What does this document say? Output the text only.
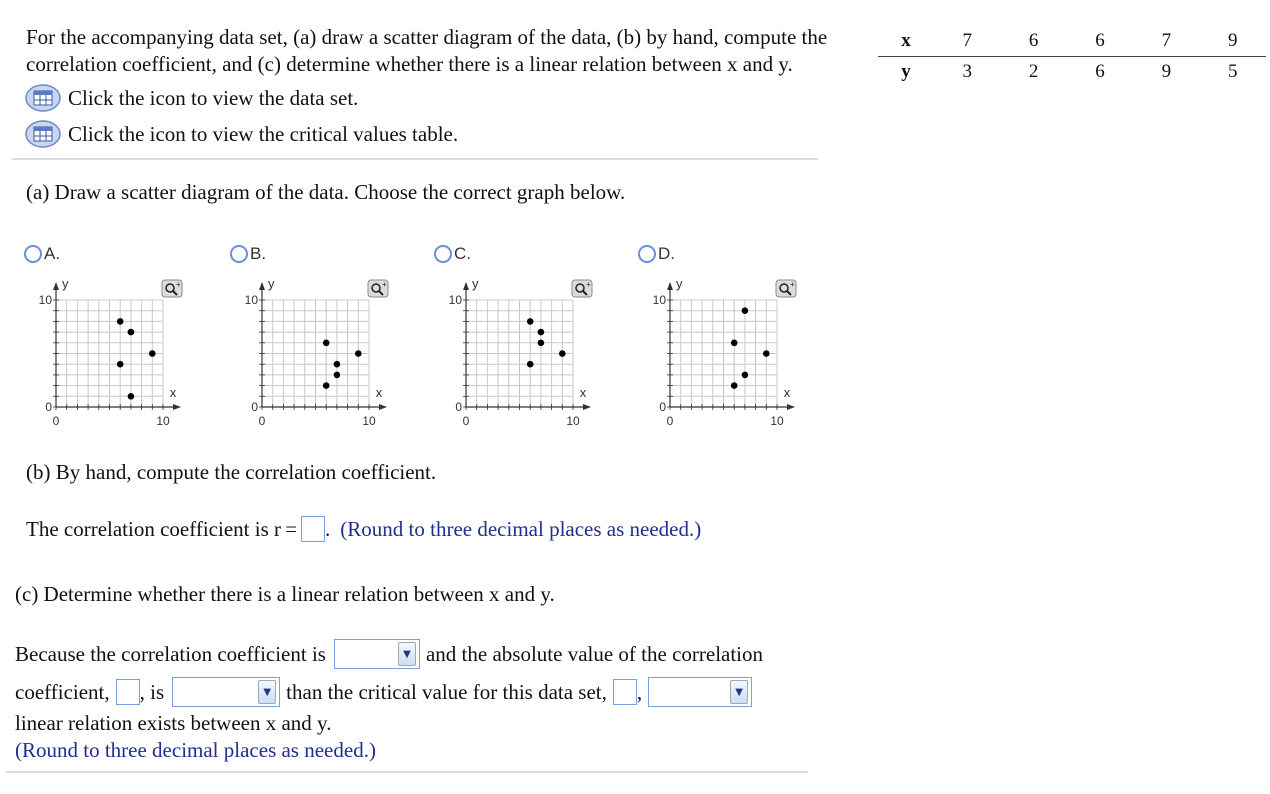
For the accompanying data set, (a) draw a scatter diagram of the data, (b) by hand, compute the
correlation coefficient, and (c) determine whether there is a linear relation between x and y.
x	7	6	6	7	9
y	3	2	6	9	5
Click the icon to view the data set.
Click the icon to view the critical values table.
(a) Draw a scatter diagram of the data. Choose the correct graph below.
A.
10
0
0	10
y
x
+
B.
10
0
0	10
y
x
+
C.
10
0
0	10
y
x
+
D.
10
0
0	10
y
x
+
(b) By hand, compute the correlation coefficient.
The correlation coefficient is r = . (Round to three decimal places as needed.)
(c) Determine whether there is a linear relation between x and y.
Because the correlation coefficient is	▼ and the absolute value of the correlation
coefficient, , is	▼ than the critical value for this data set, ,	▼
linear relation exists between x and y.
(Round to three decimal places as needed.)
